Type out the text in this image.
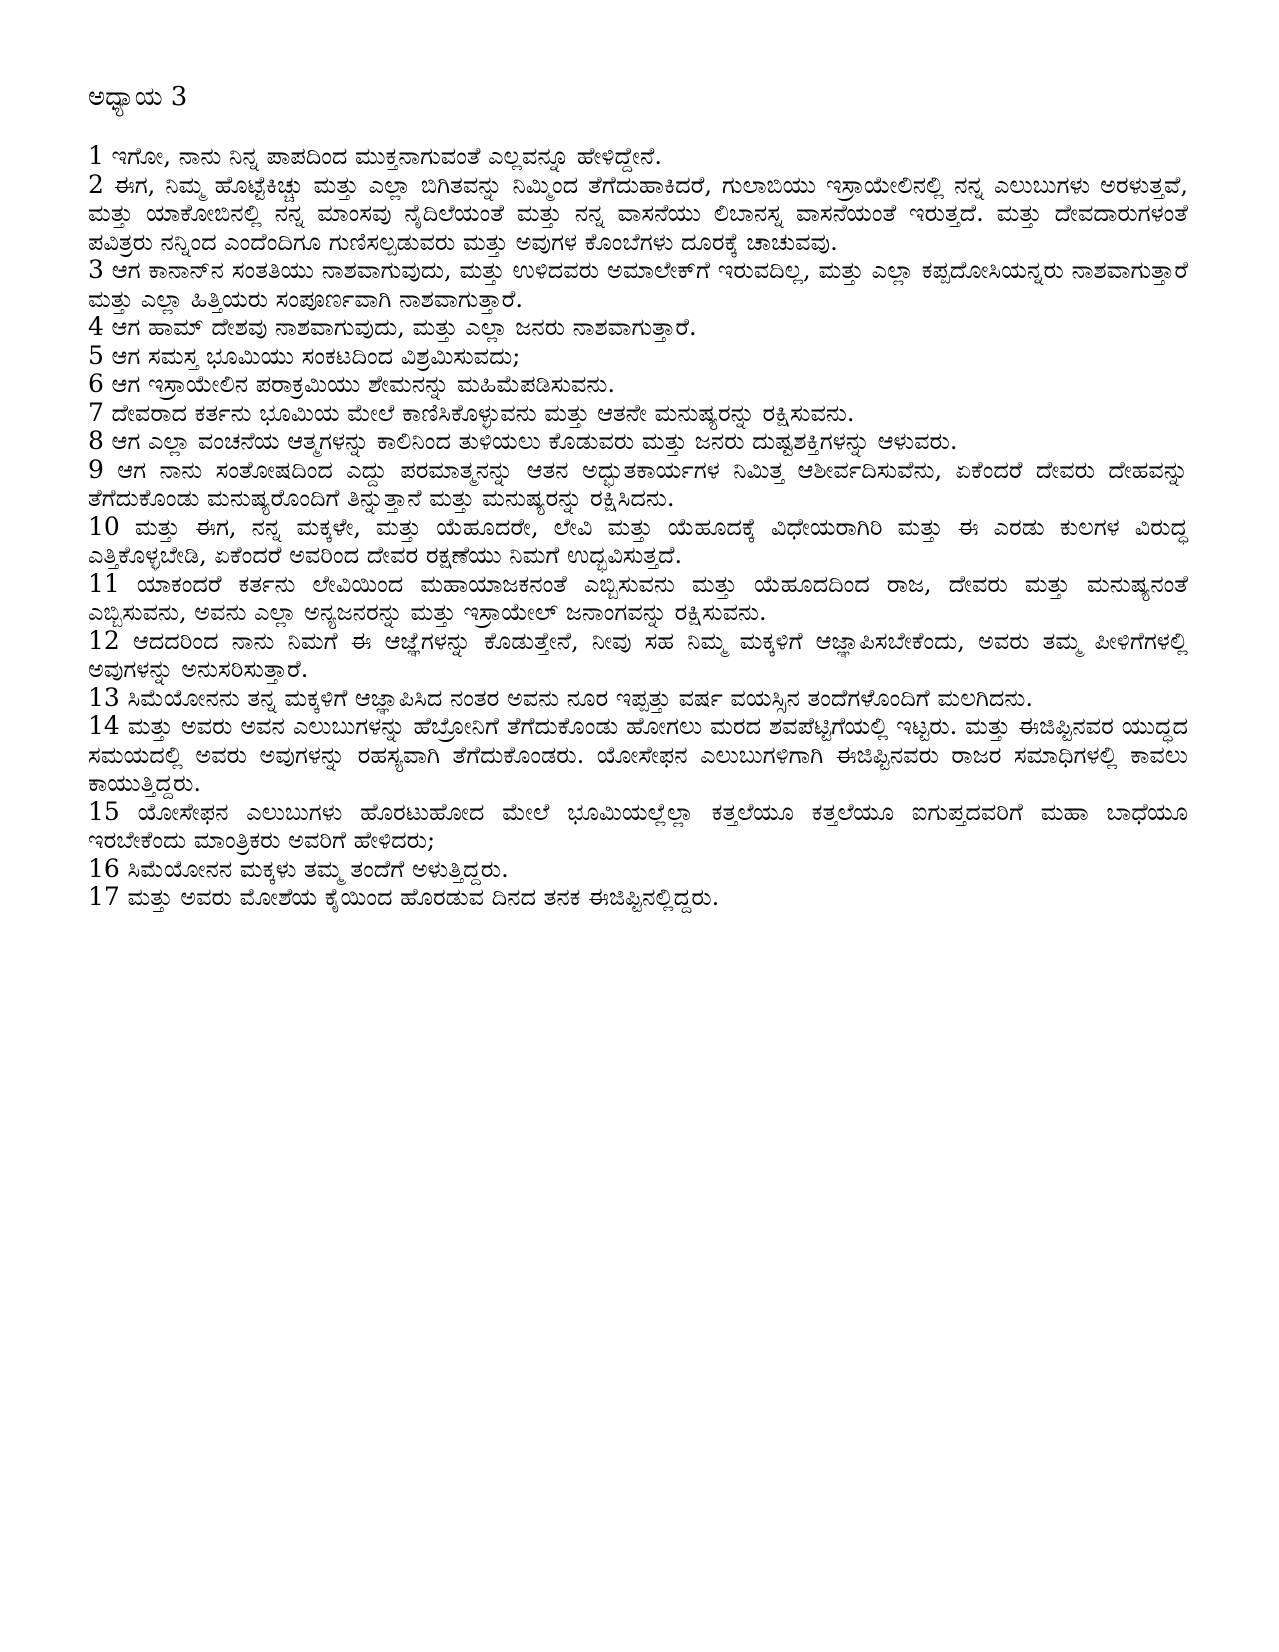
ಅಧ್ಯಾಯ 3

1 ಇಗೋ, ನಾನು ನಿನ್ನ ಪಾಪದಿಂದ ಮುಕ್ತನಾಗುವಂತೆ ಎಲ್ಲವನ್ನೂ ಹೇಳಿದ್ದೇನೆ.

2 ಈಗ, ನಿಮ್ಮ ಹೊಟ್ಟೆಕಿಚ್ಚು ಮತ್ತು ಎಲ್ಲಾ ಬಿಗಿತವನ್ನು ನಿಮ್ಮಿಂದ ತೆಗೆದುಹಾಕಿದರೆ, ಗುಲಾಬಿಯು ಇಸ್ರಾಯೇಲಿನಲ್ಲಿ ನನ್ನ ಎಲುಬುಗಳು ಅರಳುತ್ತವೆ, ಮತ್ತು ಯಾಕೋಬಿನಲ್ಲಿ ನನ್ನ ಮಾಂಸವು ನೈದಿಲೆಯಂತೆ ಮತ್ತು ನನ್ನ ವಾಸನೆಯು ಲಿಬಾನಸ್ನ ವಾಸನೆಯಂತೆ ಇರುತ್ತದೆ. ಮತ್ತು ದೇವದಾರುಗಳಂತೆ ಪವಿತ್ರರು ನನ್ನಿಂದ ಎಂದೆಂದಿಗೂ ಗುಣಿಸಲ್ಪಡುವರು ಮತ್ತು ಅವುಗಳ ಕೊಂಬೆಗಳು ದೂರಕ್ಕೆ ಚಾಚುವವು.

3 ಆಗ ಕಾನಾನ್‌ನ ಸಂತತಿಯು ನಾಶವಾಗುವುದು, ಮತ್ತು ಉಳಿದವರು ಅಮಾಲೇಕ್‌ಗೆ ಇರುವದಿಲ್ಲ, ಮತ್ತು ಎಲ್ಲಾ ಕಪ್ಪದೋಸಿಯನ್ನರು ನಾಶವಾಗುತ್ತಾರೆ ಮತ್ತು ಎಲ್ಲಾ ಹಿತ್ತಿಯರು ಸಂಪೂರ್ಣವಾಗಿ ನಾಶವಾಗುತ್ತಾರೆ.

4 ಆಗ ಹಾಮ್ ದೇಶವು ನಾಶವಾಗುವುದು, ಮತ್ತು ಎಲ್ಲಾ ಜನರು ನಾಶವಾಗುತ್ತಾರೆ.

5 ಆಗ ಸಮಸ್ತ ಭೂಮಿಯು ಸಂಕಟದಿಂದ ವಿಶ್ರಮಿಸುವದು;

6 ಆಗ ಇಸ್ರಾಯೇಲಿನ ಪರಾಕ್ರಮಿಯು ಶೇಮನನ್ನು ಮಹಿಮೆಪಡಿಸುವನು.

7 ದೇವರಾದ ಕರ್ತನು ಭೂಮಿಯ ಮೇಲೆ ಕಾಣಿಸಿಕೊಳ್ಳುವನು ಮತ್ತು ಆತನೇ ಮನುಷ್ಯರನ್ನು ರಕ್ಷಿಸುವನು.

8 ಆಗ ಎಲ್ಲಾ ವಂಚನೆಯ ಆತ್ಮಗಳನ್ನು ಕಾಲಿನಿಂದ ತುಳಿಯಲು ಕೊಡುವರು ಮತ್ತು ಜನರು ದುಷ್ಟಶಕ್ತಿಗಳನ್ನು ಆಳುವರು.

9 ಆಗ ನಾನು ಸಂತೋಷದಿಂದ ಎದ್ದು ಪರಮಾತ್ಮನನ್ನು ಆತನ ಅದ್ಭುತಕಾರ್ಯಗಳ ನಿಮಿತ್ತ ಆಶೀರ್ವದಿಸುವೆನು, ಏಕೆಂದರೆ ದೇವರು ದೇಹವನ್ನು ತೆಗೆದುಕೊಂಡು ಮನುಷ್ಯರೊಂದಿಗೆ ತಿನ್ನುತ್ತಾನೆ ಮತ್ತು ಮನುಷ್ಯರನ್ನು ರಕ್ಷಿಸಿದನು.

10 ಮತ್ತು ಈಗ, ನನ್ನ ಮಕ್ಕಳೇ, ಮತ್ತು ಯೆಹೂದರೇ, ಲೇವಿ ಮತ್ತು ಯೆಹೂದಕ್ಕೆ ವಿಧೇಯರಾಗಿರಿ ಮತ್ತು ಈ ಎರಡು ಕುಲಗಳ ವಿರುದ್ಧ ಎತ್ತಿಕೊಳ್ಳಬೇಡಿ, ಏಕೆಂದರೆ ಅವರಿಂದ ದೇವರ ರಕ್ಷಣೆಯು ನಿಮಗೆ ಉದ್ಭವಿಸುತ್ತದೆ.

11 ಯಾಕಂದರೆ ಕರ್ತನು ಲೇವಿಯಿಂದ ಮಹಾಯಾಜಕನಂತೆ ಎಬ್ಬಿಸುವನು ಮತ್ತು ಯೆಹೂದದಿಂದ ರಾಜ, ದೇವರು ಮತ್ತು ಮನುಷ್ಯನಂತೆ ಎಬ್ಬಿಸುವನು, ಅವನು ಎಲ್ಲಾ ಅನ್ಯಜನರನ್ನು ಮತ್ತು ಇಸ್ರಾಯೇಲ್ ಜನಾಂಗವನ್ನು ರಕ್ಷಿಸುವನು.

12 ಆದದರಿಂದ ನಾನು ನಿಮಗೆ ಈ ಆಜ್ಞೆಗಳನ್ನು ಕೊಡುತ್ತೇನೆ, ನೀವು ಸಹ ನಿಮ್ಮ ಮಕ್ಕಳಿಗೆ ಆಜ್ಞಾಪಿಸಬೇಕೆಂದು, ಅವರು ತಮ್ಮ ಪೀಳಿಗೆಗಳಲ್ಲಿ ಅವುಗಳನ್ನು ಅನುಸರಿಸುತ್ತಾರೆ.

13 ಸಿಮೆಯೋನನು ತನ್ನ ಮಕ್ಕಳಿಗೆ ಆಜ್ಞಾಪಿಸಿದ ನಂತರ ಅವನು ನೂರ ಇಪ್ಪತ್ತು ವರ್ಷ ವಯಸ್ಸಿನ ತಂದೆಗಳೊಂದಿಗೆ ಮಲಗಿದನು.

14 ಮತ್ತು ಅವರು ಅವನ ಎಲುಬುಗಳನ್ನು ಹೆಬ್ರೋನಿಗೆ ತೆಗೆದುಕೊಂಡು ಹೋಗಲು ಮರದ ಶವಪೆಟ್ಟಿಗೆಯಲ್ಲಿ ಇಟ್ಟರು. ಮತ್ತು ಈಜಿಪ್ಟಿನವರ ಯುದ್ಧದ ಸಮಯದಲ್ಲಿ ಅವರು ಅವುಗಳನ್ನು ರಹಸ್ಯವಾಗಿ ತೆಗೆದುಕೊಂಡರು. ಯೋಸೇಫನ ಎಲುಬುಗಳಿಗಾಗಿ ಈಜಿಪ್ಟಿನವರು ರಾಜರ ಸಮಾಧಿಗಳಲ್ಲಿ ಕಾವಲು ಕಾಯುತ್ತಿದ್ದರು.

15 ಯೋಸೇಫನ ಎಲುಬುಗಳು ಹೊರಟುಹೋದ ಮೇಲೆ ಭೂಮಿಯಲ್ಲೆಲ್ಲಾ ಕತ್ತಲೆಯೂ ಕತ್ತಲೆಯೂ ಐಗುಪ್ತದವರಿಗೆ ಮಹಾ ಬಾಧೆಯೂ ಇರಬೇಕೆಂದು ಮಾಂತ್ರಿಕರು ಅವರಿಗೆ ಹೇಳಿದರು;

16 ಸಿಮೆಯೋನನ ಮಕ್ಕಳು ತಮ್ಮ ತಂದೆಗೆ ಅಳುತ್ತಿದ್ದರು.

17 ಮತ್ತು ಅವರು ಮೋಶೆಯ ಕೈಯಿಂದ ಹೊರಡುವ ದಿನದ ತನಕ ಈಜಿಪ್ಟಿನಲ್ಲಿದ್ದರು.
